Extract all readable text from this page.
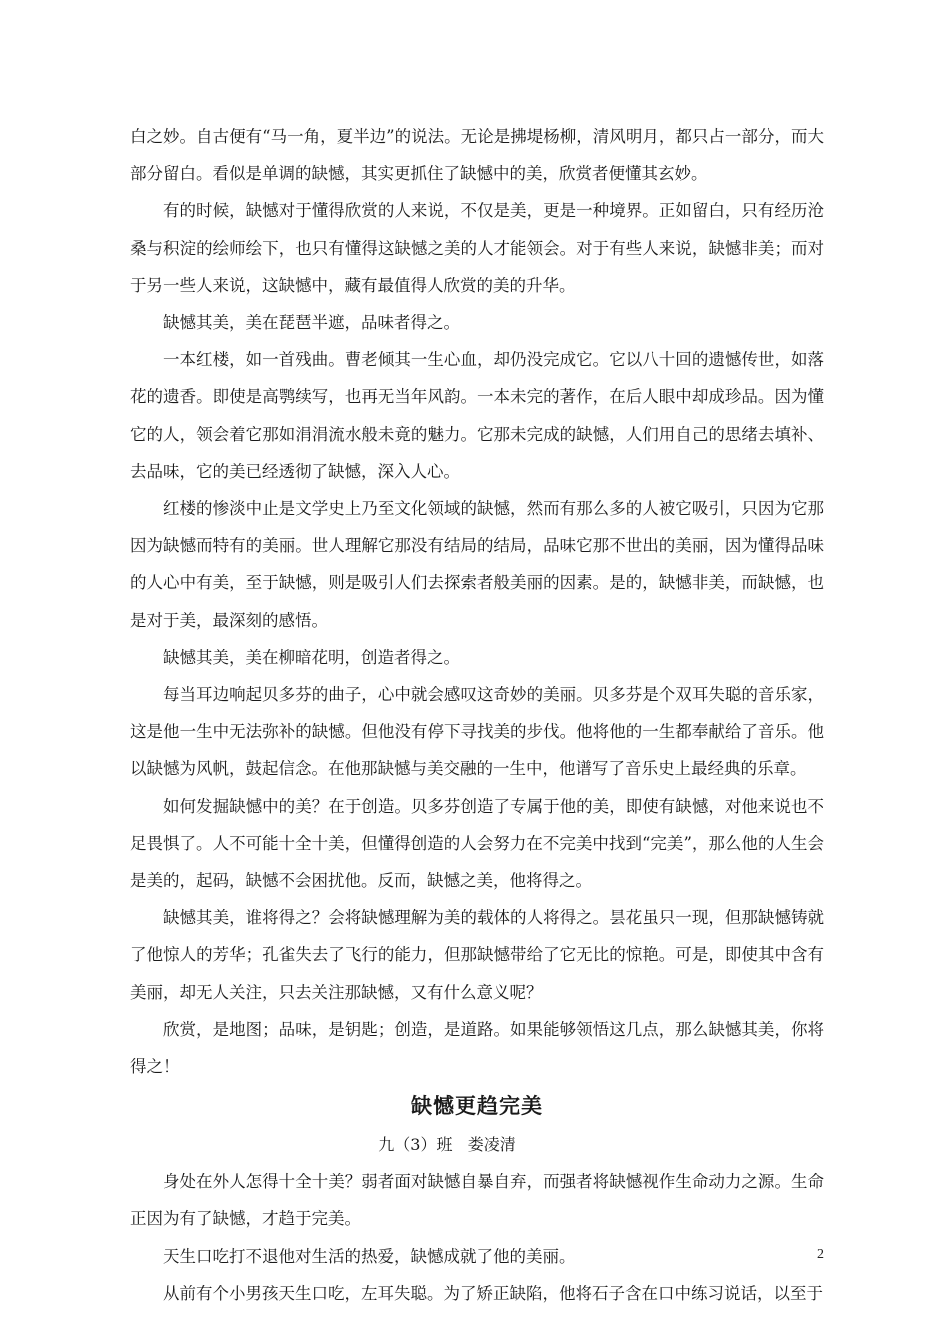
白之妙。自古便有“马一角，夏半边”的说法。无论是拂堤杨柳，清风明月，都只占一部分，而大部分留白。看似是单调的缺憾，其实更抓住了缺憾中的美，欣赏者便懂其玄妙。

有的时候，缺憾对于懂得欣赏的人来说，不仅是美，更是一种境界。正如留白，只有经历沧桑与积淀的绘师绘下，也只有懂得这缺憾之美的人才能领会。对于有些人来说，缺憾非美；而对于另一些人来说，这缺憾中，藏有最值得人欣赏的美的升华。

缺憾其美，美在琵琶半遮，品味者得之。

一本红楼，如一首残曲。曹老倾其一生心血，却仍没完成它。它以八十回的遗憾传世，如落花的遗香。即使是高鹗续写，也再无当年风韵。一本未完的著作，在后人眼中却成珍品。因为懂它的人，领会着它那如涓涓流水般未竟的魅力。它那未完成的缺憾，人们用自己的思绪去填补、去品味，它的美已经透彻了缺憾，深入人心。

红楼的惨淡中止是文学史上乃至文化领域的缺憾，然而有那么多的人被它吸引，只因为它那因为缺憾而特有的美丽。世人理解它那没有结局的结局，品味它那不世出的美丽，因为懂得品味的人心中有美，至于缺憾，则是吸引人们去探索者般美丽的因素。是的，缺憾非美，而缺憾，也是对于美，最深刻的感悟。

缺憾其美，美在柳暗花明，创造者得之。

每当耳边响起贝多芬的曲子，心中就会感叹这奇妙的美丽。贝多芬是个双耳失聪的音乐家，这是他一生中无法弥补的缺憾。但他没有停下寻找美的步伐。他将他的一生都奉献给了音乐。他以缺憾为风帆，鼓起信念。在他那缺憾与美交融的一生中，他谱写了音乐史上最经典的乐章。

如何发掘缺憾中的美？在于创造。贝多芬创造了专属于他的美，即使有缺憾，对他来说也不足畏惧了。人不可能十全十美，但懂得创造的人会努力在不完美中找到“完美”，那么他的人生会是美的，起码，缺憾不会困扰他。反而，缺憾之美，他将得之。

缺憾其美，谁将得之？会将缺憾理解为美的载体的人将得之。昙花虽只一现，但那缺憾铸就了他惊人的芳华；孔雀失去了飞行的能力，但那缺憾带给了它无比的惊艳。可是，即使其中含有美丽，却无人关注，只去关注那缺憾，又有什么意义呢？

欣赏，是地图；品味，是钥匙；创造，是道路。如果能够领悟这几点，那么缺憾其美，你将得之！

缺憾更趋完美

九（3）班   娄凌清

身处在外人怎得十全十美？弱者面对缺憾自暴自弃，而强者将缺憾视作生命动力之源。生命正因为有了缺憾，才趋于完美。

天生口吃打不退他对生活的热爱，缺憾成就了他的美丽。

从前有个小男孩天生口吃，左耳失聪。为了矫正缺陷，他将石子含在口中练习说话，以至于

2
